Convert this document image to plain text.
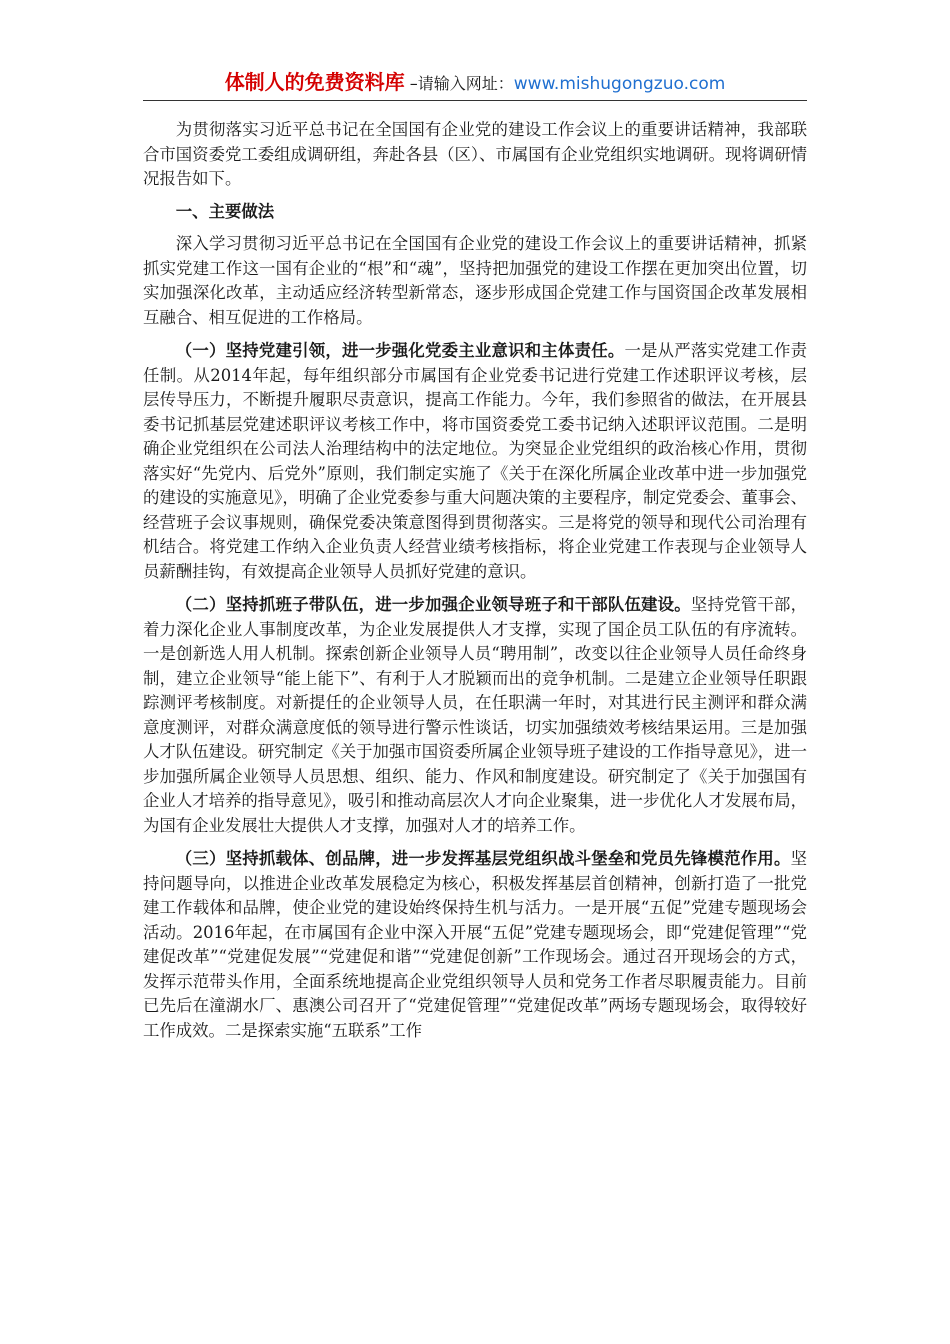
体制人的免费资料库 –请输入网址：www.mishugongzuo.com

为贯彻落实习近平总书记在全国国有企业党的建设工作会议上的重要讲话精神，我部联合市国资委党工委组成调研组，奔赴各县（区）、市属国有企业党组织实地调研。现将调研情况报告如下。

一、主要做法

深入学习贯彻习近平总书记在全国国有企业党的建设工作会议上的重要讲话精神，抓紧抓实党建工作这一国有企业的“根”和“魂”，坚持把加强党的建设工作摆在更加突出位置，切实加强深化改革，主动适应经济转型新常态，逐步形成国企党建工作与国资国企改革发展相互融合、相互促进的工作格局。

（一）坚持党建引领，进一步强化党委主业意识和主体责任。一是从严落实党建工作责任制。从2014年起，每年组织部分市属国有企业党委书记进行党建工作述职评议考核，层层传导压力，不断提升履职尽责意识，提高工作能力。今年，我们参照省的做法，在开展县委书记抓基层党建述职评议考核工作中，将市国资委党工委书记纳入述职评议范围。二是明确企业党组织在公司法人治理结构中的法定地位。为突显企业党组织的政治核心作用，贯彻落实好“先党内、后党外”原则，我们制定实施了《关于在深化所属企业改革中进一步加强党的建设的实施意见》，明确了企业党委参与重大问题决策的主要程序，制定党委会、董事会、经营班子会议事规则，确保党委决策意图得到贯彻落实。三是将党的领导和现代公司治理有机结合。将党建工作纳入企业负责人经营业绩考核指标，将企业党建工作表现与企业领导人员薪酬挂钩，有效提高企业领导人员抓好党建的意识。

（二）坚持抓班子带队伍，进一步加强企业领导班子和干部队伍建设。坚持党管干部，着力深化企业人事制度改革，为企业发展提供人才支撑，实现了国企员工队伍的有序流转。一是创新选人用人机制。探索创新企业领导人员“聘用制”，改变以往企业领导人员任命终身制，建立企业领导“能上能下”、有利于人才脱颖而出的竞争机制。二是建立企业领导任职跟踪测评考核制度。对新提任的企业领导人员，在任职满一年时，对其进行民主测评和群众满意度测评，对群众满意度低的领导进行警示性谈话，切实加强绩效考核结果运用。三是加强人才队伍建设。研究制定《关于加强市国资委所属企业领导班子建设的工作指导意见》，进一步加强所属企业领导人员思想、组织、能力、作风和制度建设。研究制定了《关于加强国有企业人才培养的指导意见》，吸引和推动高层次人才向企业聚集，进一步优化人才发展布局，为国有企业发展壮大提供人才支撑，加强对人才的培养工作。

（三）坚持抓载体、创品牌，进一步发挥基层党组织战斗堡垒和党员先锋模范作用。坚持问题导向，以推进企业改革发展稳定为核心，积极发挥基层首创精神，创新打造了一批党建工作载体和品牌，使企业党的建设始终保持生机与活力。一是开展“五促”党建专题现场会活动。2016年起，在市属国有企业中深入开展“五促”党建专题现场会，即“党建促管理”“党建促改革”“党建促发展”“党建促和谐”“党建促创新”工作现场会。通过召开现场会的方式，发挥示范带头作用，全面系统地提高企业党组织领导人员和党务工作者尽职履责能力。目前已先后在潼湖水厂、惠澳公司召开了“党建促管理”“党建促改革”两场专题现场会，取得较好工作成效。二是探索实施“五联系”工作
